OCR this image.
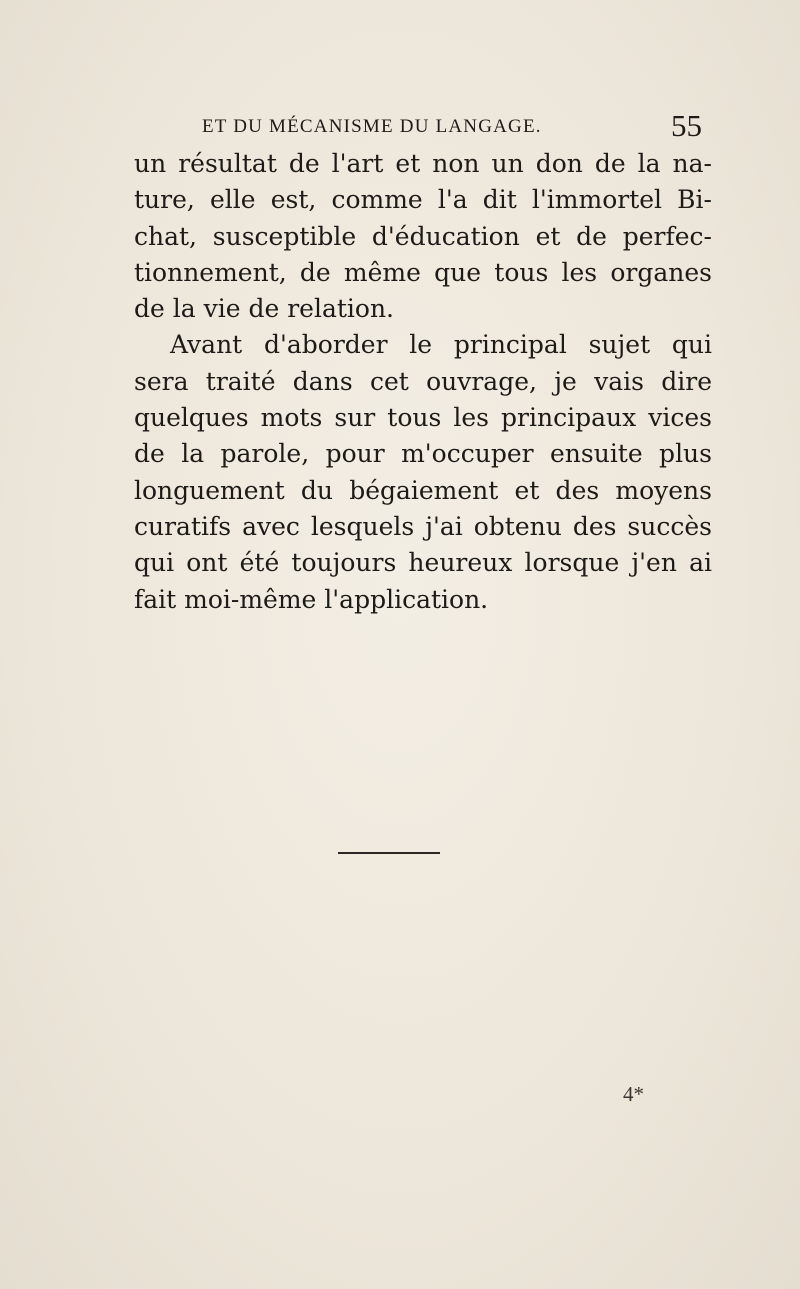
ET DU MÉCANISME DU LANGAGE.	55
un résultat de l'art et non un don de la na-
ture, elle est, comme l'a dit l'immortel Bi-
chat, susceptible d'éducation et de perfec-
tionnement, de même que tous les organes
de la vie de relation.
Avant d'aborder le principal sujet qui
sera traité dans cet ouvrage, je vais dire
quelques mots sur tous les principaux vices
de la parole, pour m'occuper ensuite plus
longuement du bégaiement et des moyens
curatifs avec lesquels j'ai obtenu des succès
qui ont été toujours heureux lorsque j'en ai
fait moi-même l'application.
4*
